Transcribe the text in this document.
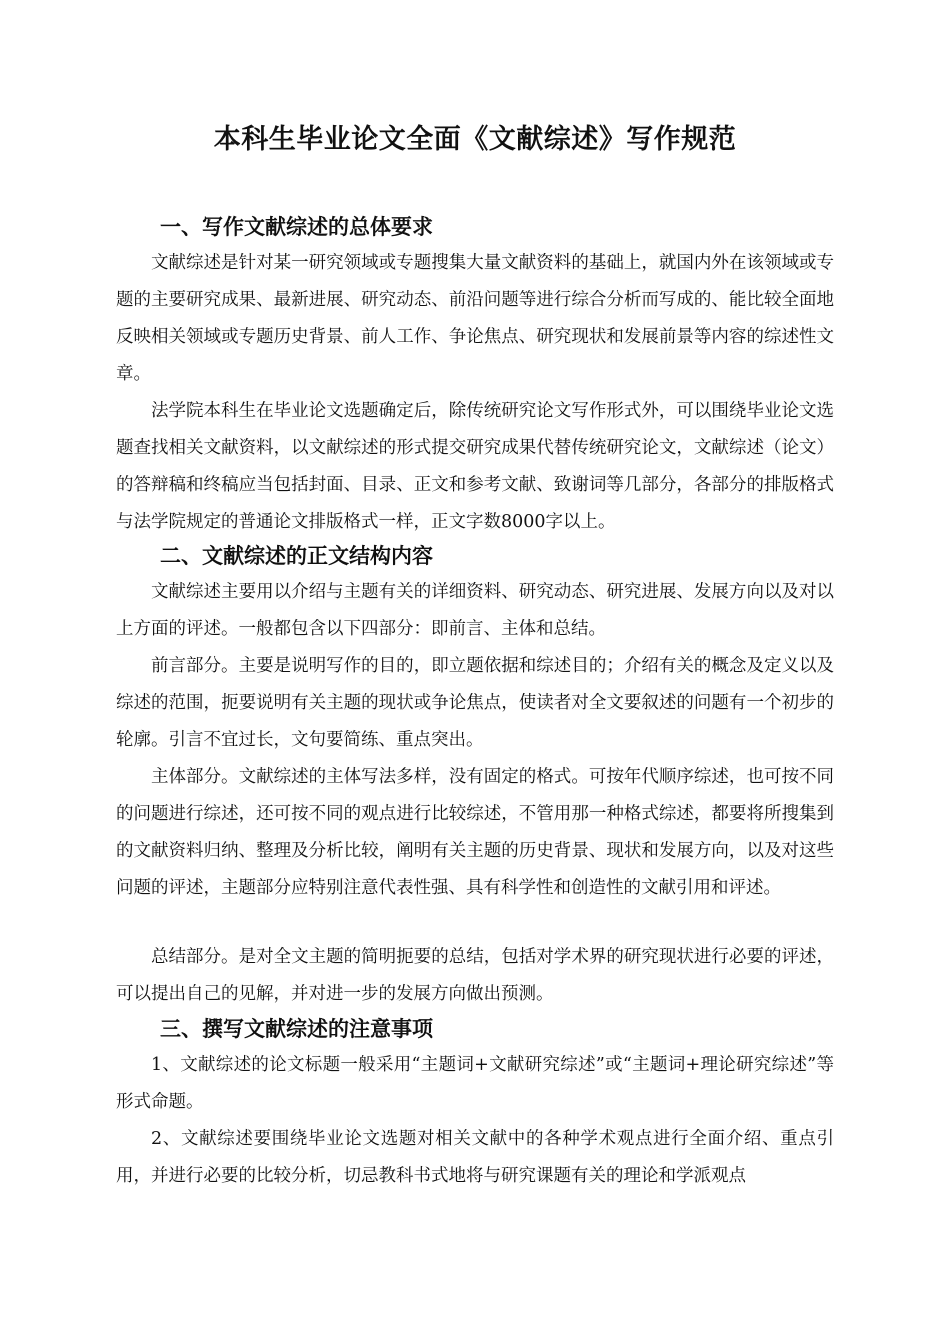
本科生毕业论文全面《文献综述》写作规范
一、写作文献综述的总体要求

文献综述是针对某一研究领域或专题搜集大量文献资料的基础上，就国内外在该领域或专题的主要研究成果、最新进展、研究动态、前沿问题等进行综合分析而写成的、能比较全面地反映相关领域或专题历史背景、前人工作、争论焦点、研究现状和发展前景等内容的综述性文章。

法学院本科生在毕业论文选题确定后，除传统研究论文写作形式外，可以围绕毕业论文选题查找相关文献资料，以文献综述的形式提交研究成果代替传统研究论文，文献综述（论文）的答辩稿和终稿应当包括封面、目录、正文和参考文献、致谢词等几部分，各部分的排版格式与法学院规定的普通论文排版格式一样，正文字数8000字以上。

二、文献综述的正文结构内容

文献综述主要用以介绍与主题有关的详细资料、研究动态、研究进展、发展方向以及对以上方面的评述。一般都包含以下四部分：即前言、主体和总结。

前言部分。主要是说明写作的目的，即立题依据和综述目的；介绍有关的概念及定义以及综述的范围，扼要说明有关主题的现状或争论焦点，使读者对全文要叙述的问题有一个初步的轮廓。引言不宜过长，文句要简练、重点突出。

主体部分。文献综述的主体写法多样，没有固定的格式。可按年代顺序综述，也可按不同的问题进行综述，还可按不同的观点进行比较综述，不管用那一种格式综述，都要将所搜集到的文献资料归纳、整理及分析比较，阐明有关主题的历史背景、现状和发展方向，以及对这些问题的评述，主题部分应特别注意代表性强、具有科学性和创造性的文献引用和评述。

总结部分。是对全文主题的简明扼要的总结，包括对学术界的研究现状进行必要的评述，可以提出自己的见解，并对进一步的发展方向做出预测。

三、撰写文献综述的注意事项

1、文献综述的论文标题一般采用“主题词+文献研究综述”或“主题词+理论研究综述”等形式命题。

2、文献综述要围绕毕业论文选题对相关文献中的各种学术观点进行全面介绍、重点引用，并进行必要的比较分析，切忌教科书式地将与研究课题有关的理论和学派观点
